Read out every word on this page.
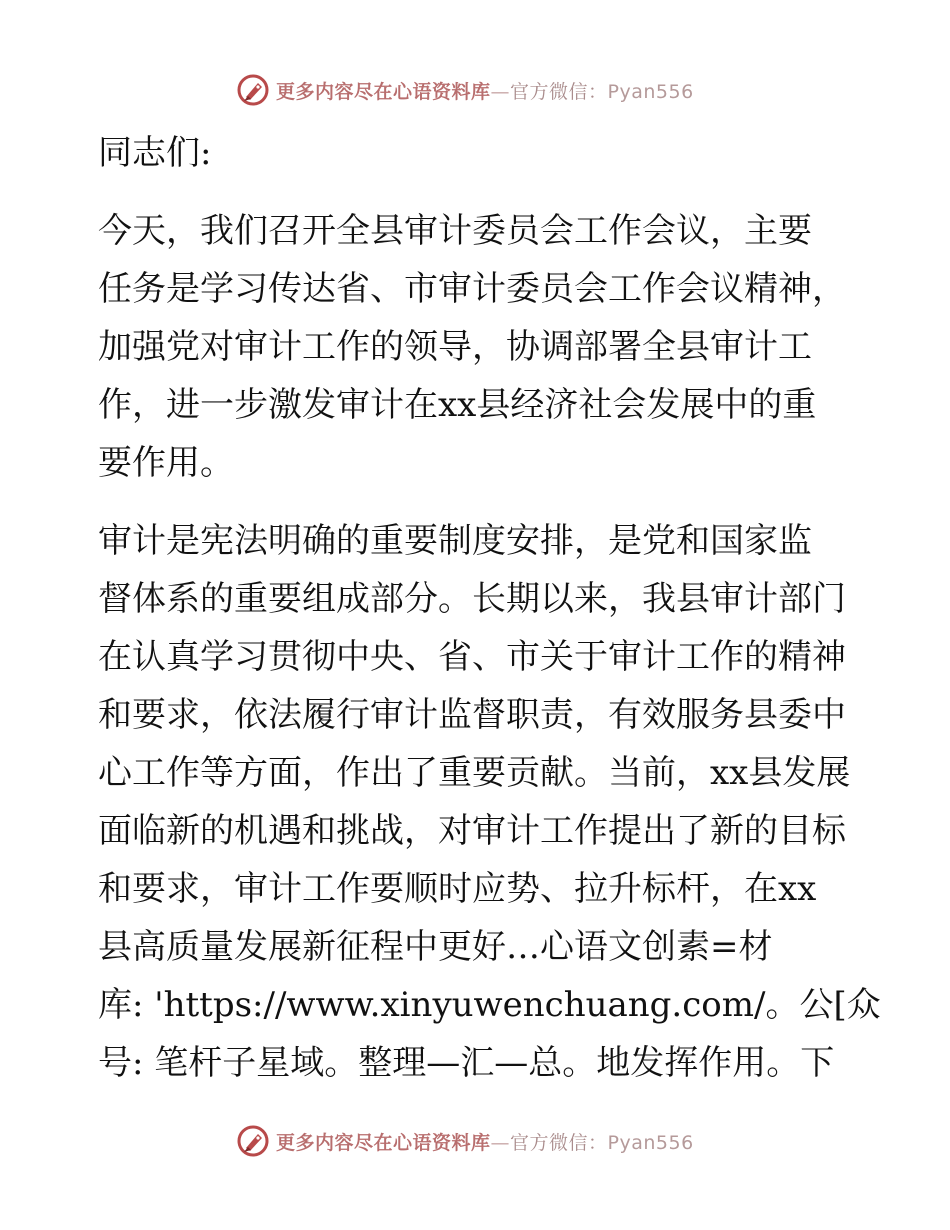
更多内容尽在心语资料库—官方微信：Pyan556
同志们:
今天，我们召开全县审计委员会工作会议，主要
任务是学习传达省、市审计委员会工作会议精神，
加强党对审计工作的领导，协调部署全县审计工
作，进一步激发审计在xx县经济社会发展中的重
要作用。
审计是宪法明确的重要制度安排，是党和国家监
督体系的重要组成部分。长期以来，我县审计部门
在认真学习贯彻中央、省、市关于审计工作的精神
和要求，依法履行审计监督职责，有效服务县委中
心工作等方面，作出了重要贡献。当前，xx县发展
面临新的机遇和挑战，对审计工作提出了新的目标
和要求，审计工作要顺时应势、拉升标杆，在xx
县高质量发展新征程中更好…心语文创素=材
库: 'https://www.xinyuwenchuang.com/。公[众
号: 笔杆子星域。整理—汇—总。地发挥作用。下
更多内容尽在心语资料库—官方微信：Pyan556
